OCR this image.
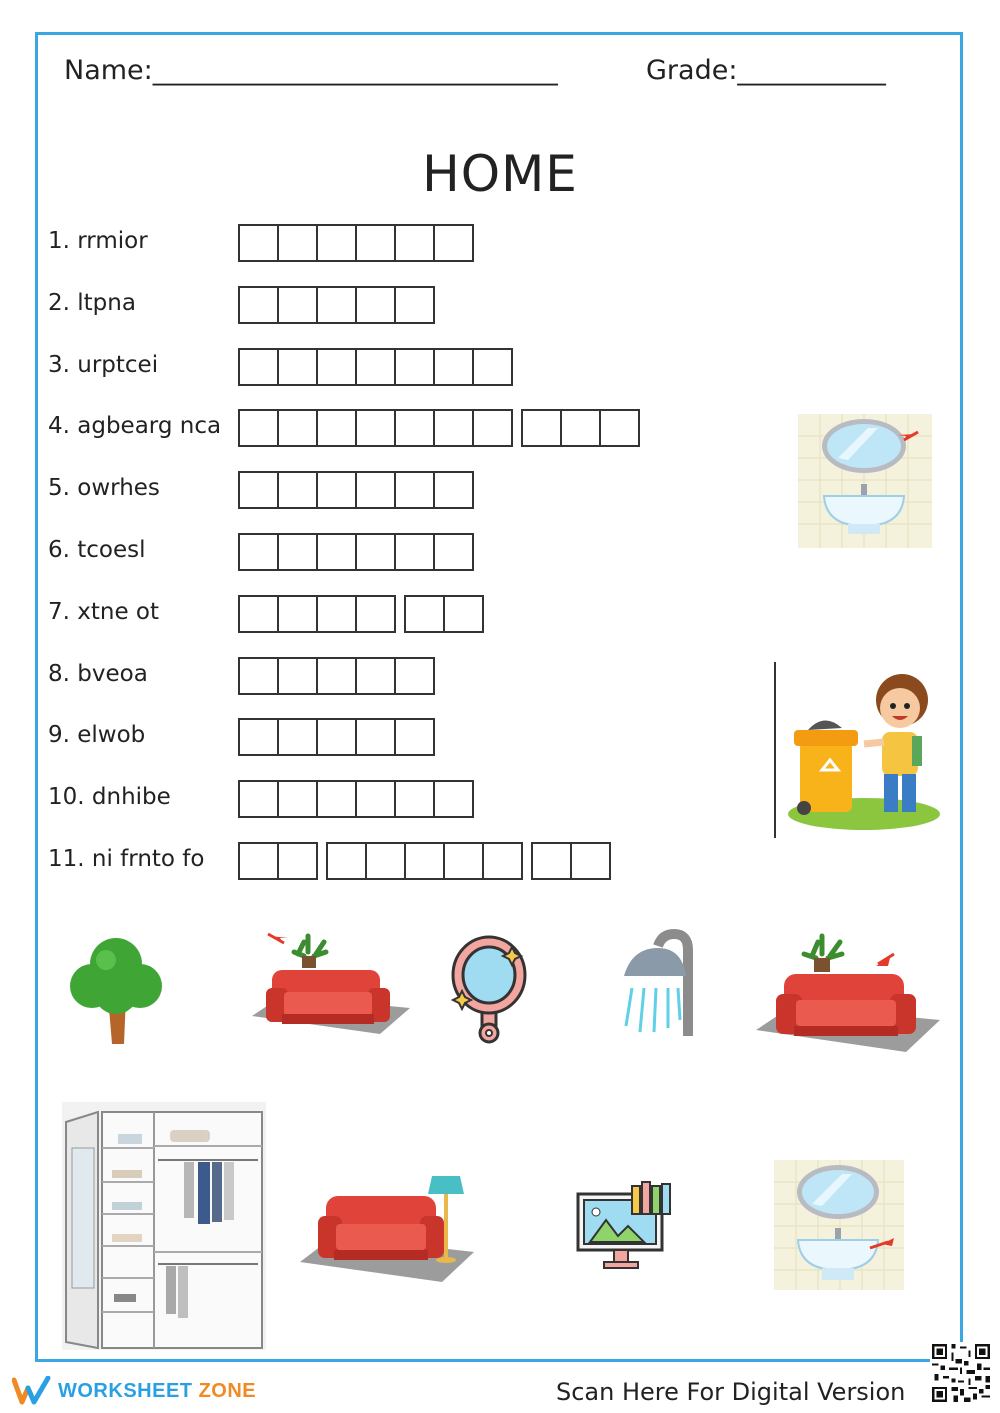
Name:______________________________	Grade:___________
HOME
1. rrmior
2. ltpna
3. urptcei
4. agbearg nca
5. owrhes
6. tcoesl
7. xtne ot
8. bveoa
9. elwob
10. dnhibe
11. ni frnto fo
WORKSHEET ZONE	Scan Here For Digital Version
